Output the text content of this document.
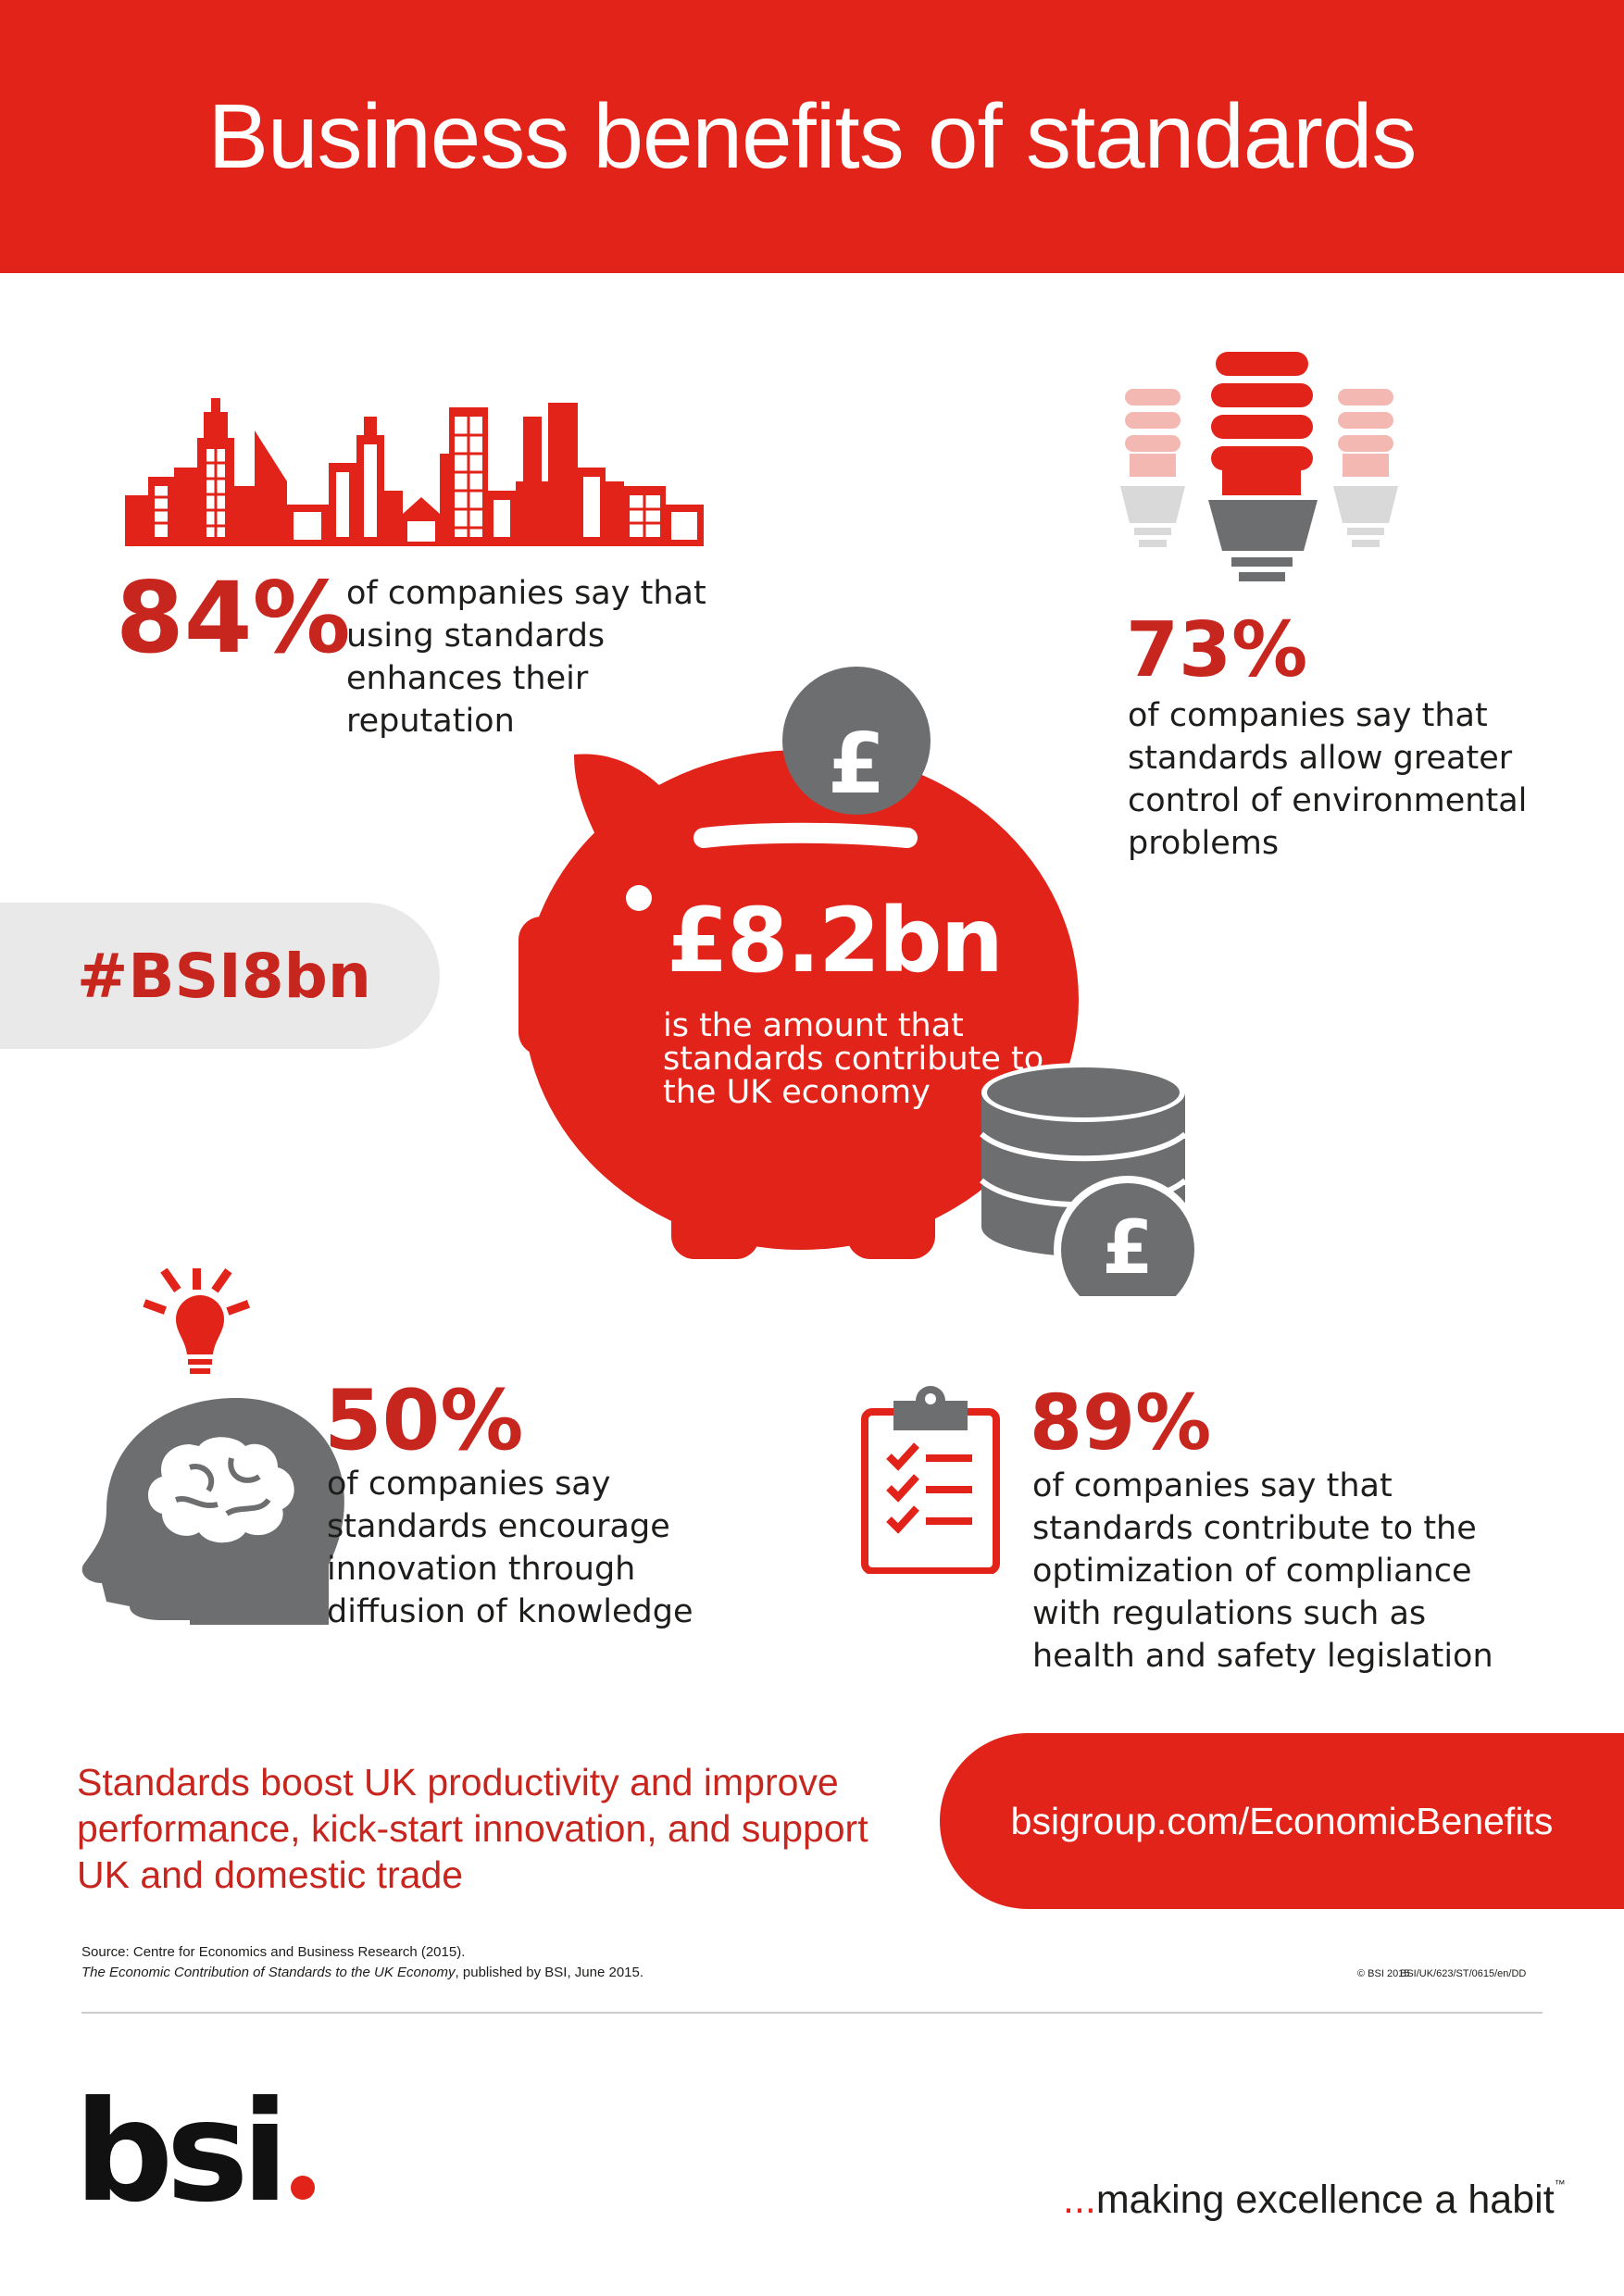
Business benefits of standards
84%
of companies say that using standards enhances their reputation
73%
of companies say that standards allow greater control of environmental problems
#BSI8bn
£
£
£8.2bn
is the amount that standards contribute to the UK economy
50%
of companies say standards encourage innovation through diffusion of knowledge
89%
of companies say that standards contribute to the optimization of compliance with regulations such as health and safety legislation
Standards boost UK productivity and improve performance, kick-start innovation, and support UK and domestic trade
bsigroup.com/EconomicBenefits
Source: Centre for Economics and Business Research (2015).
The Economic Contribution of Standards to the UK Economy, published by BSI, June 2015.	© BSI 2015
BSI/UK/623/ST/0615/en/DD
bsi	...making excellence a habit™
